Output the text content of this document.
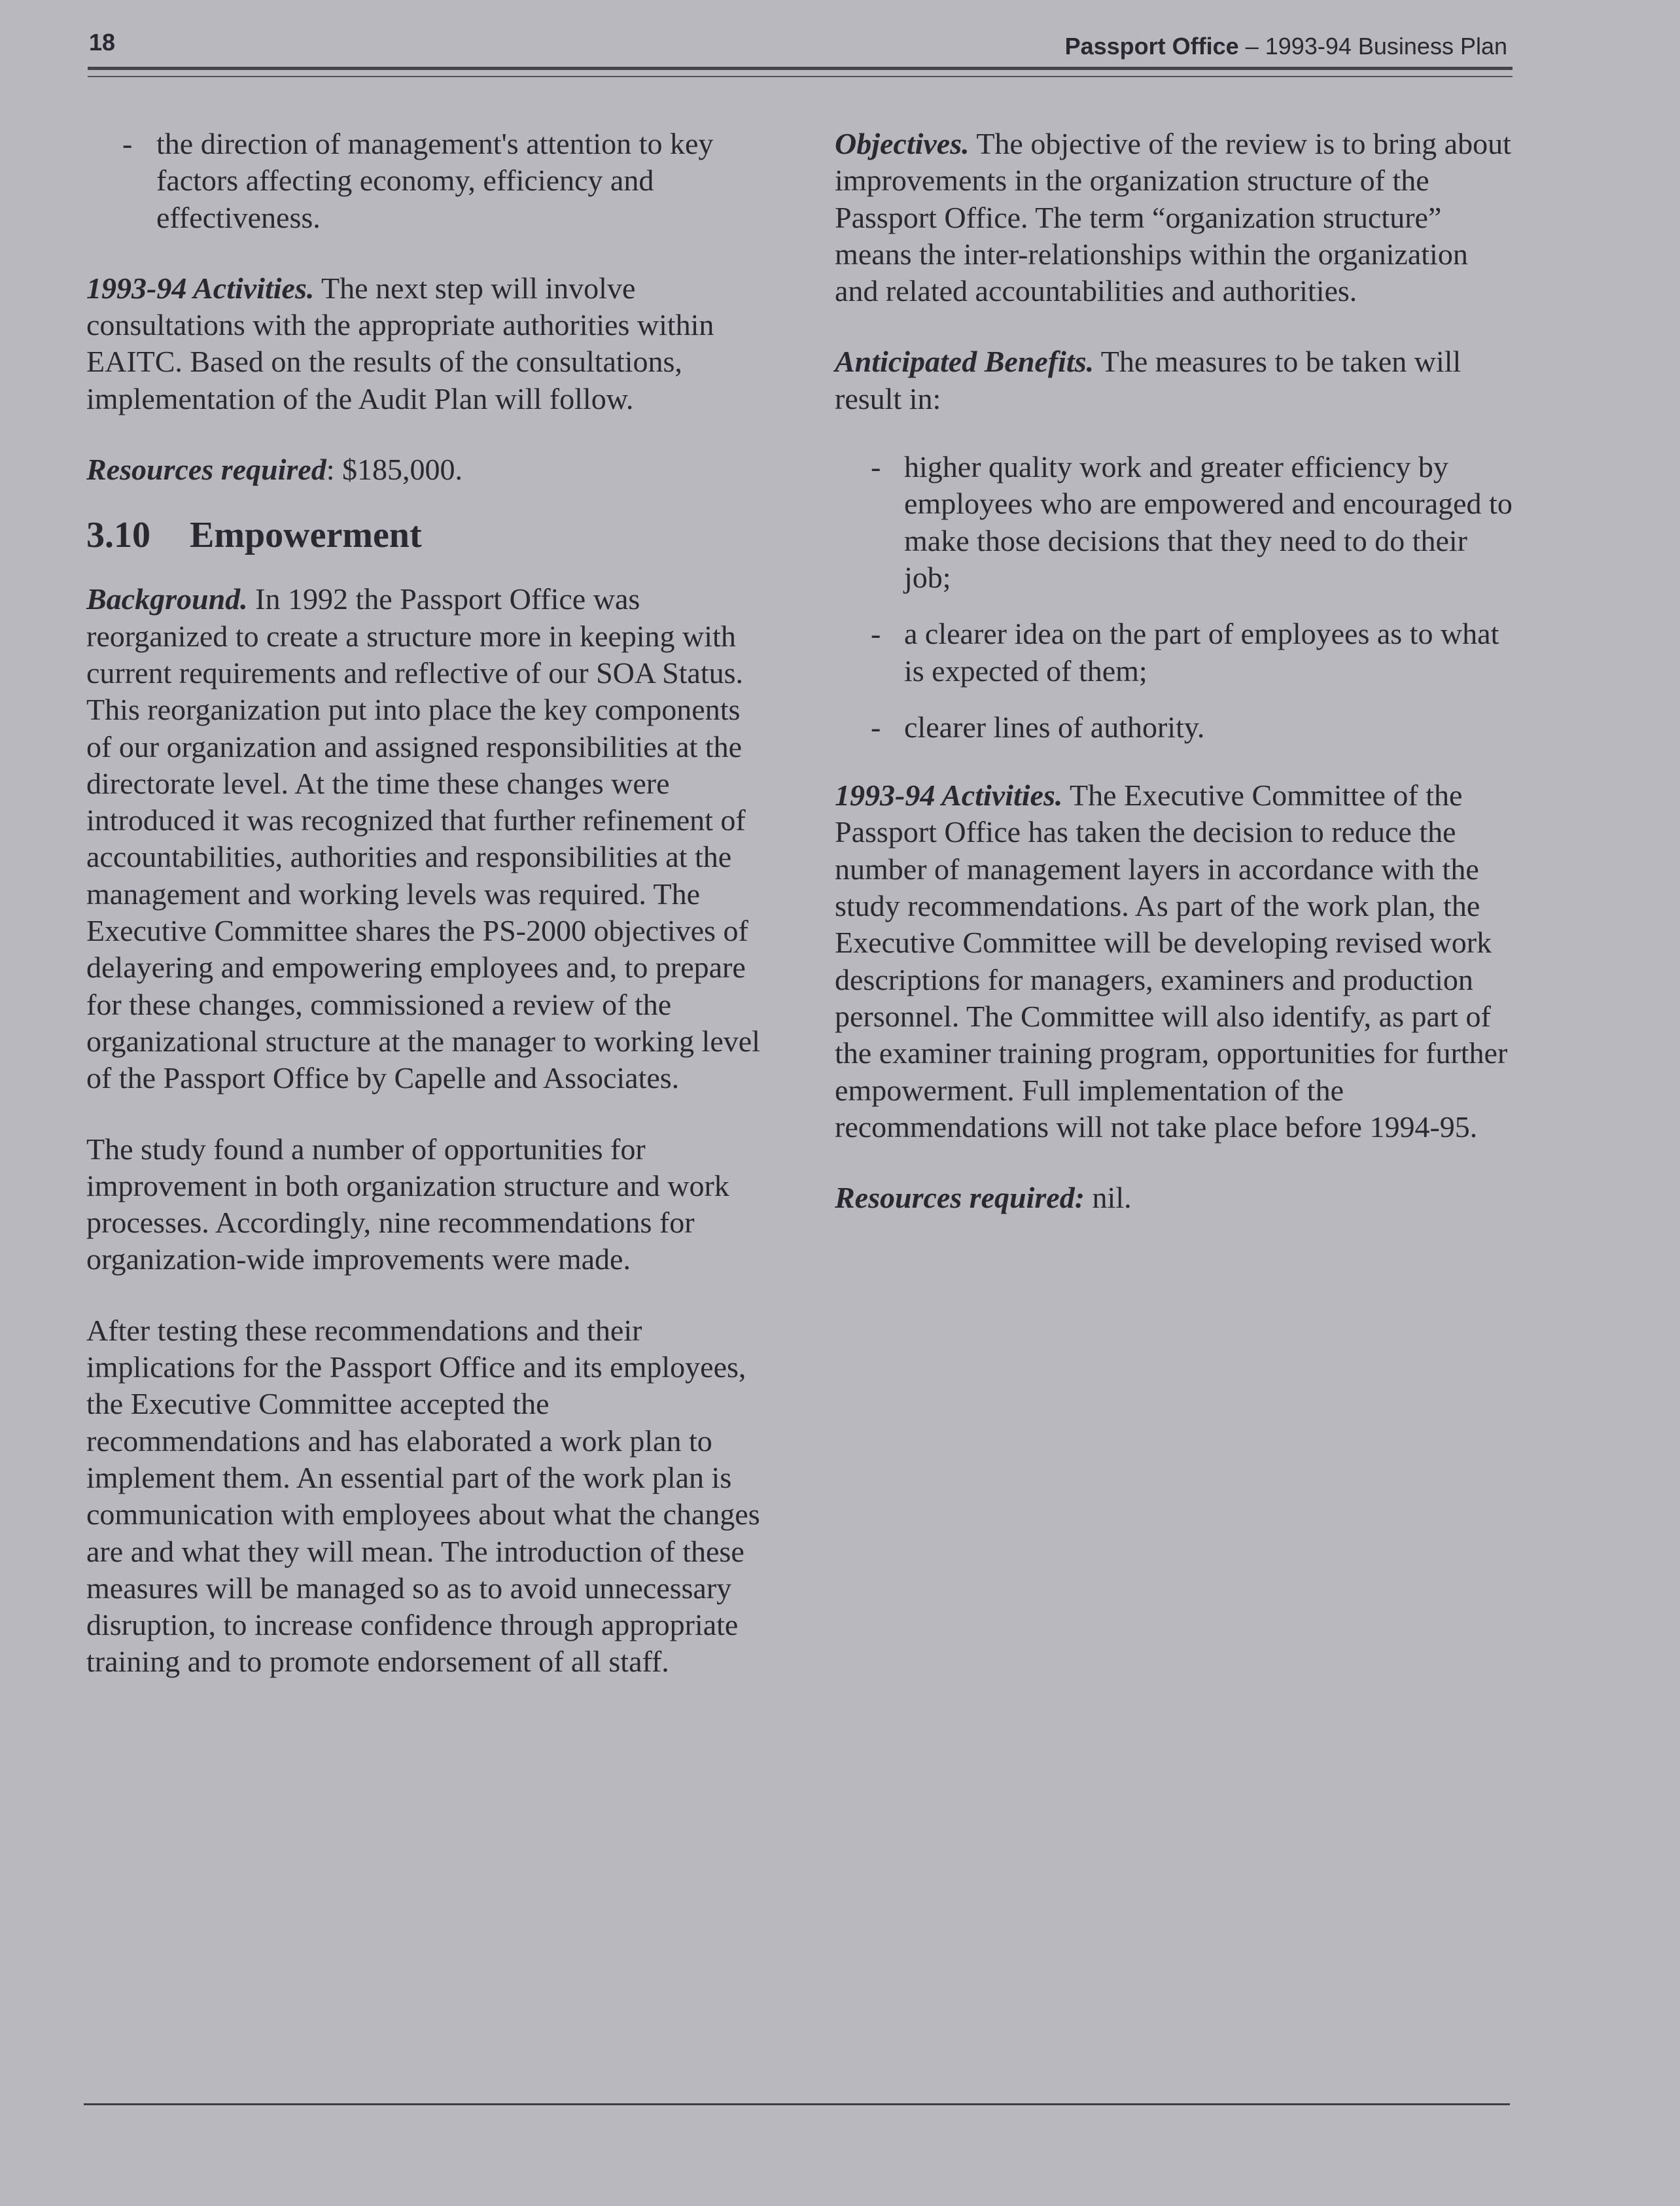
18	Passport Office – 1993-94 Business Plan
- the direction of management's attention to key factors affecting economy, efficiency and effectiveness.

1993-94 Activities. The next step will involve consultations with the appropriate authorities within EAITC. Based on the results of the consultations, implementation of the Audit Plan will follow.

Resources required: $185,000.

3.10 Empowerment

Background. In 1992 the Passport Office was reorganized to create a structure more in keeping with current requirements and reflective of our SOA Status. This reorganization put into place the key components of our organization and assigned responsibilities at the directorate level. At the time these changes were introduced it was recognized that further refinement of accountabilities, authorities and responsibilities at the management and working levels was required. The Executive Committee shares the PS-2000 objectives of delayering and empowering employees and, to prepare for these changes, commissioned a review of the organizational structure at the manager to working level of the Passport Office by Capelle and Associates.

The study found a number of opportunities for improvement in both organization structure and work processes. Accordingly, nine recommendations for organization-wide improvements were made.

After testing these recommendations and their implications for the Passport Office and its employees, the Executive Committee accepted the recommendations and has elaborated a work plan to implement them. An essential part of the work plan is communication with employees about what the changes are and what they will mean. The introduction of these measures will be managed so as to avoid unnecessary disruption, to increase confidence through appropriate training and to promote endorsement of all staff.

Objectives. The objective of the review is to bring about improvements in the organization structure of the Passport Office. The term “organization structure” means the inter-relationships within the organization and related accountabilities and authorities.

Anticipated Benefits. The measures to be taken will result in:

- higher quality work and greater efficiency by employees who are empowered and encouraged to make those decisions that they need to do their job;
- a clearer idea on the part of employees as to what is expected of them;
- clearer lines of authority.

1993-94 Activities. The Executive Committee of the Passport Office has taken the decision to reduce the number of management layers in accordance with the study recommendations. As part of the work plan, the Executive Committee will be developing revised work descriptions for managers, examiners and production personnel. The Committee will also identify, as part of the examiner training program, opportunities for further empowerment. Full implementation of the recommendations will not take place before 1994-95.

Resources required: nil.
